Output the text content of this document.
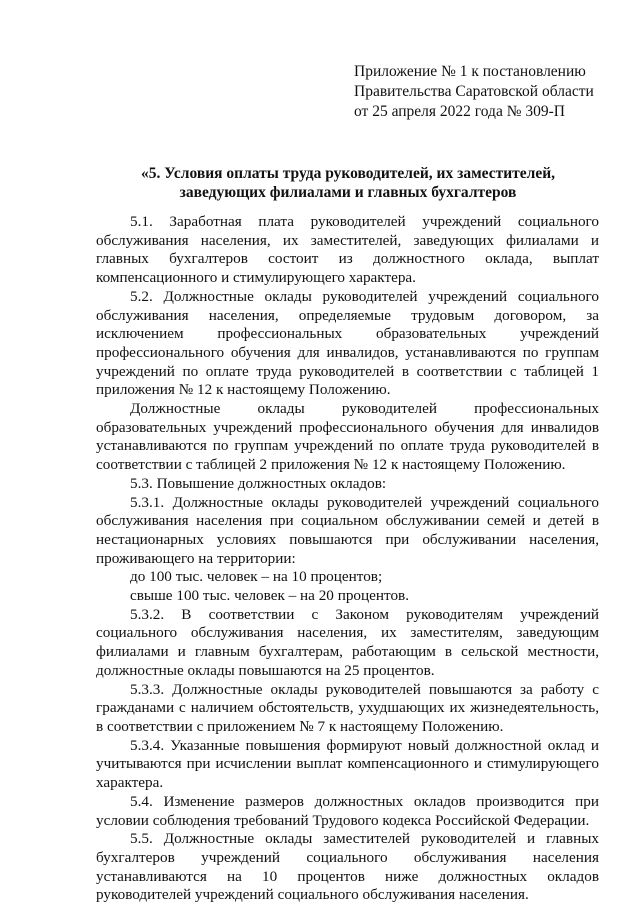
Приложение № 1 к постановлению
Правительства Саратовской области
от 25 апреля 2022 года № 309-П
«5. Условия оплаты труда руководителей, их заместителей,
заведующих филиалами и главных бухгалтеров

5.1. Заработная плата руководителей учреждений социального обслуживания населения, их заместителей, заведующих филиалами и главных бухгалтеров состоит из должностного оклада, выплат компенсационного и стимулирующего характера.

5.2. Должностные оклады руководителей учреждений социального обслуживания населения, определяемые трудовым договором, за исключением профессиональных образовательных учреждений профессионального обучения для инвалидов, устанавливаются по группам учреждений по оплате труда руководителей в соответствии с таблицей 1 приложения № 12 к настоящему Положению.

Должностные оклады руководителей профессиональных образовательных учреждений профессионального обучения для инвалидов устанавливаются по группам учреждений по оплате труда руководителей в соответствии с таблицей 2 приложения № 12 к настоящему Положению.

5.3. Повышение должностных окладов:

5.3.1. Должностные оклады руководителей учреждений социального обслуживания населения при социальном обслуживании семей и детей в нестационарных условиях повышаются при обслуживании населения, проживающего на территории:

до 100 тыс. человек – на 10 процентов;

свыше 100 тыс. человек – на 20 процентов.

5.3.2. В соответствии с Законом руководителям учреждений социального обслуживания населения, их заместителям, заведующим филиалами и главным бухгалтерам, работающим в сельской местности, должностные оклады повышаются на 25 процентов.

5.3.3. Должностные оклады руководителей повышаются за работу с гражданами с наличием обстоятельств, ухудшающих их жизнедеятельность, в соответствии с приложением № 7 к настоящему Положению.

5.3.4. Указанные повышения формируют новый должностной оклад и учитываются при исчислении выплат компенсационного и стимулирующего характера.

5.4. Изменение размеров должностных окладов производится при условии соблюдения требований Трудового кодекса Российской Федерации.

5.5. Должностные оклады заместителей руководителей и главных бухгалтеров учреждений социального обслуживания населения устанавливаются на 10 процентов ниже должностных окладов руководителей учреждений социального обслуживания населения.
